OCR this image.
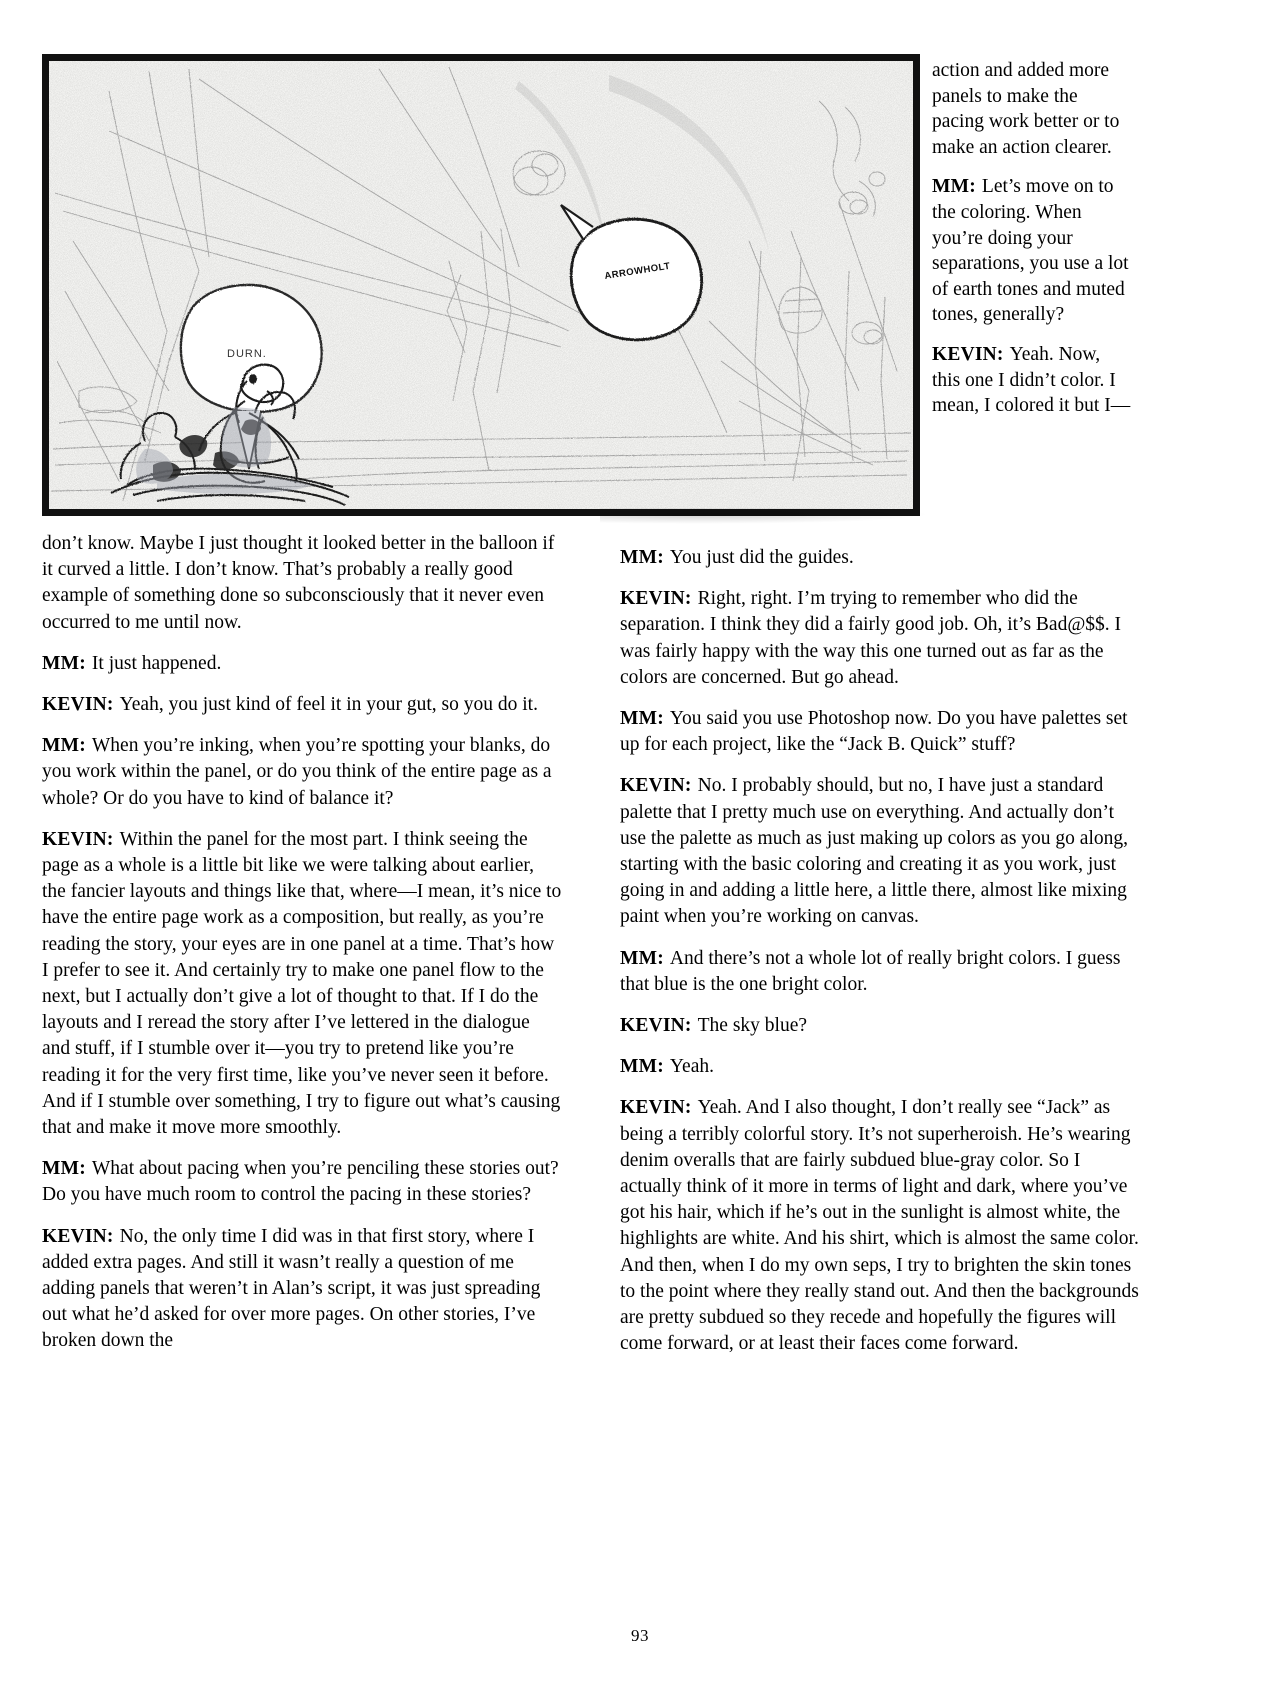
DURN.
ARROWHOLT

action and added more panels to make the pacing work better or to make an action clearer.

MM: Let’s move on to the coloring. When you’re doing your separations, you use a lot of earth tones and muted tones, generally?

KEVIN: Yeah. Now, this one I didn’t color. I mean, I colored it but I—

don’t know. Maybe I just thought it looked better in the balloon if it curved a little. I don’t know. That’s probably a really good example of something done so subconsciously that it never even occurred to me until now.

MM: It just happened.

KEVIN: Yeah, you just kind of feel it in your gut, so you do it.

MM: When you’re inking, when you’re spotting your blanks, do you work within the panel, or do you think of the entire page as a whole? Or do you have to kind of balance it?

KEVIN: Within the panel for the most part. I think seeing the page as a whole is a little bit like we were talking about earlier, the fancier layouts and things like that, where—I mean, it’s nice to have the entire page work as a composition, but really, as you’re reading the story, your eyes are in one panel at a time. That’s how I prefer to see it. And certainly try to make one panel flow to the next, but I actually don’t give a lot of thought to that. If I do the layouts and I reread the story after I’ve lettered in the dialogue and stuff, if I stumble over it—you try to pretend like you’re reading it for the very first time, like you’ve never seen it before. And if I stumble over something, I try to figure out what’s causing that and make it move more smoothly.

MM: What about pacing when you’re penciling these stories out? Do you have much room to control the pacing in these stories?

KEVIN: No, the only time I did was in that first story, where I added extra pages. And still it wasn’t really a question of me adding panels that weren’t in Alan’s script, it was just spreading out what he’d asked for over more pages. On other stories, I’ve broken down the

MM: You just did the guides.

KEVIN: Right, right. I’m trying to remember who did the separation. I think they did a fairly good job. Oh, it’s Bad@$$. I was fairly happy with the way this one turned out as far as the colors are concerned. But go ahead.

MM: You said you use Photoshop now. Do you have palettes set up for each project, like the “Jack B. Quick” stuff?

KEVIN: No. I probably should, but no, I have just a standard palette that I pretty much use on everything. And actually don’t use the palette as much as just making up colors as you go along, starting with the basic coloring and creating it as you work, just going in and adding a little here, a little there, almost like mixing paint when you’re working on canvas.

MM: And there’s not a whole lot of really bright colors. I guess that blue is the one bright color.

KEVIN: The sky blue?

MM: Yeah.

KEVIN: Yeah. And I also thought, I don’t really see “Jack” as being a terribly colorful story. It’s not superheroish. He’s wearing denim overalls that are fairly subdued blue-gray color. So I actually think of it more in terms of light and dark, where you’ve got his hair, which if he’s out in the sunlight is almost white, the highlights are white. And his shirt, which is almost the same color. And then, when I do my own seps, I try to brighten the skin tones to the point where they really stand out. And then the backgrounds are pretty subdued so they recede and hopefully the figures will come forward, or at least their faces come forward.

93
